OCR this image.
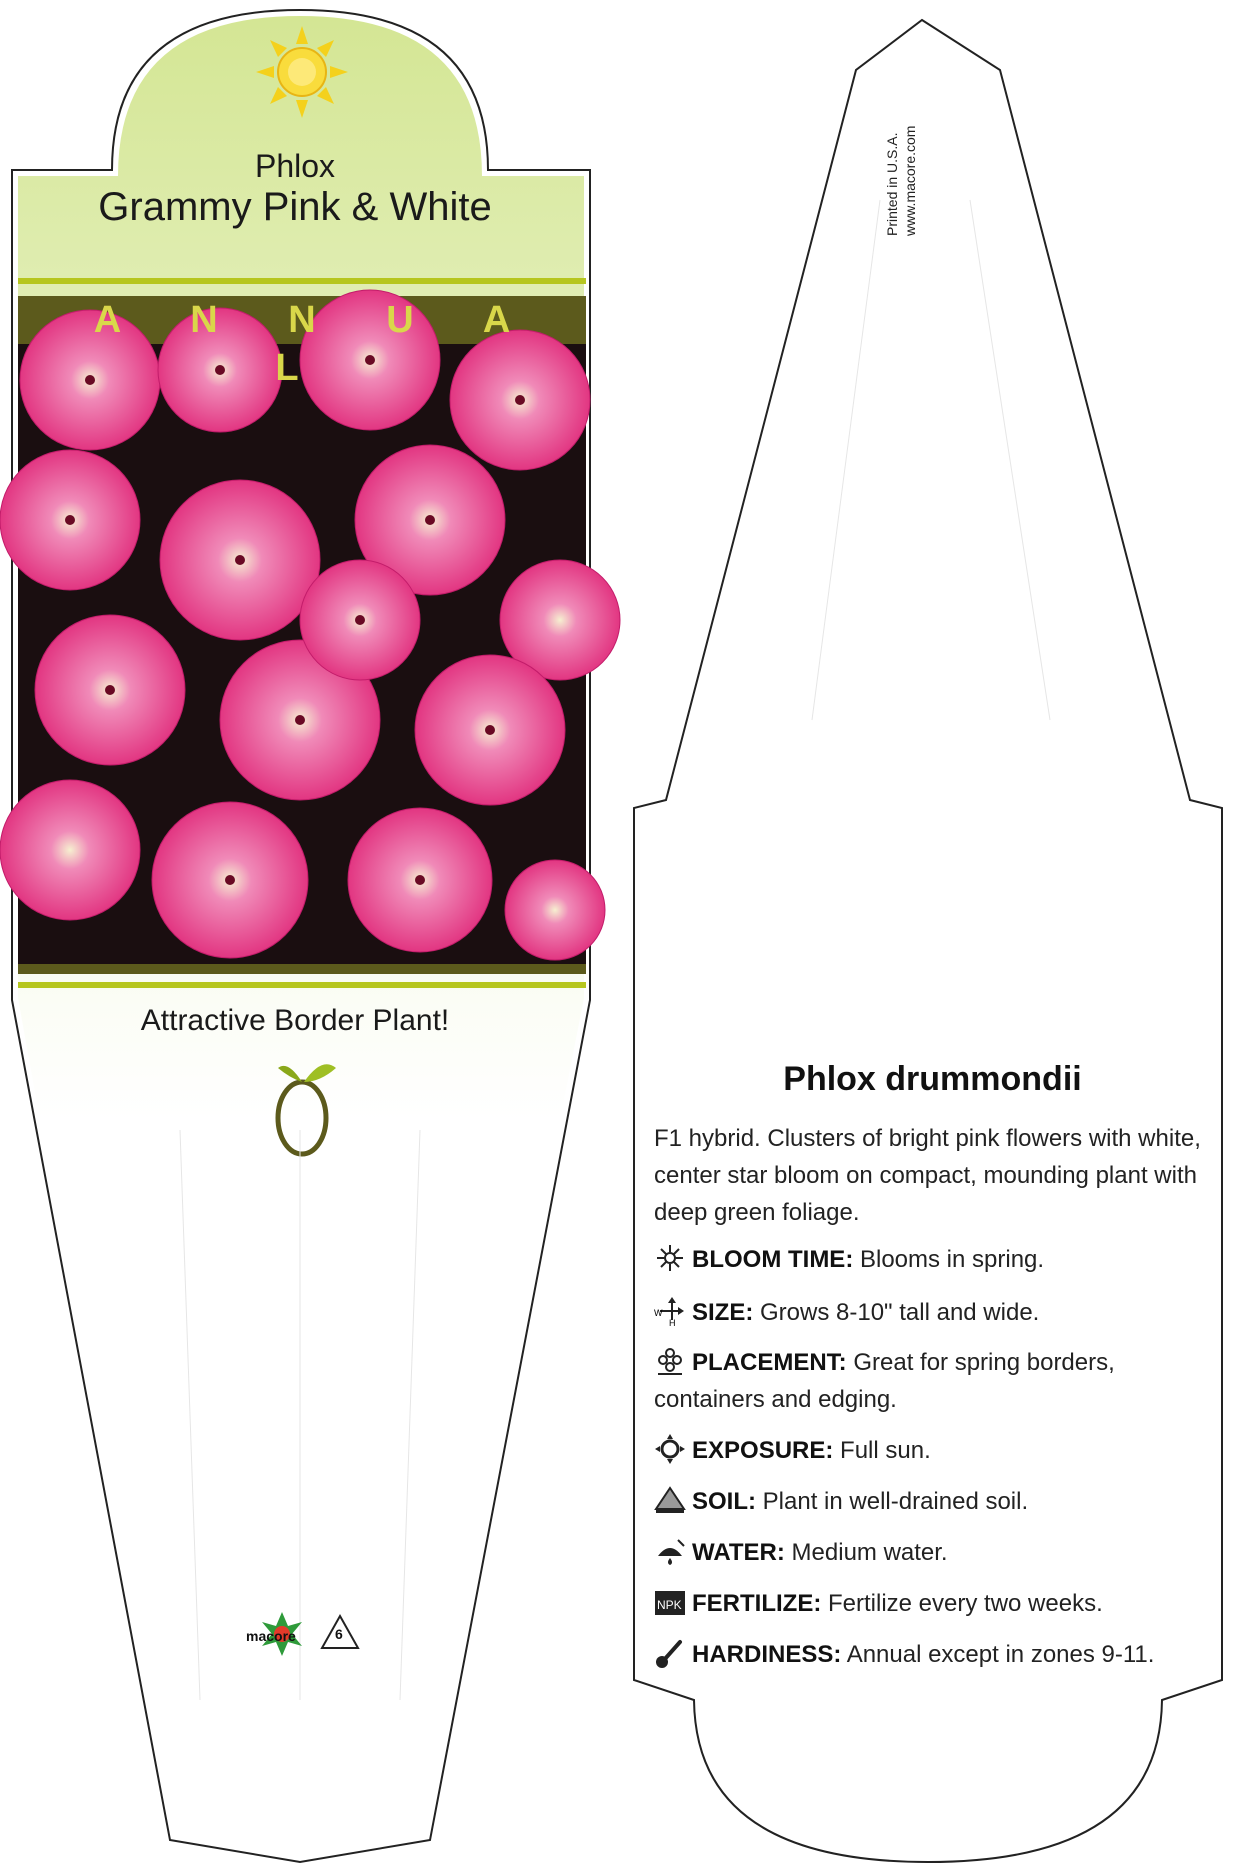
Phlox
Grammy Pink & White
A N N U A L
Attractive Border Plant!
macore	6
Printed in U.S.A. www.macore.com
Phlox drummondii
F1 hybrid. Clusters of bright pink flowers with white, center star bloom on compact, mounding plant with deep green foliage.
BLOOM TIME: Blooms in spring.
W
H SIZE: Grows 8-10" tall and wide.
PLACEMENT: Great for spring borders, containers and edging.
EXPOSURE: Full sun.
SOIL: Plant in well-drained soil.
WATER: Medium water.
NPK FERTILIZE: Fertilize every two weeks.
HARDINESS: Annual except in zones 9-11.
